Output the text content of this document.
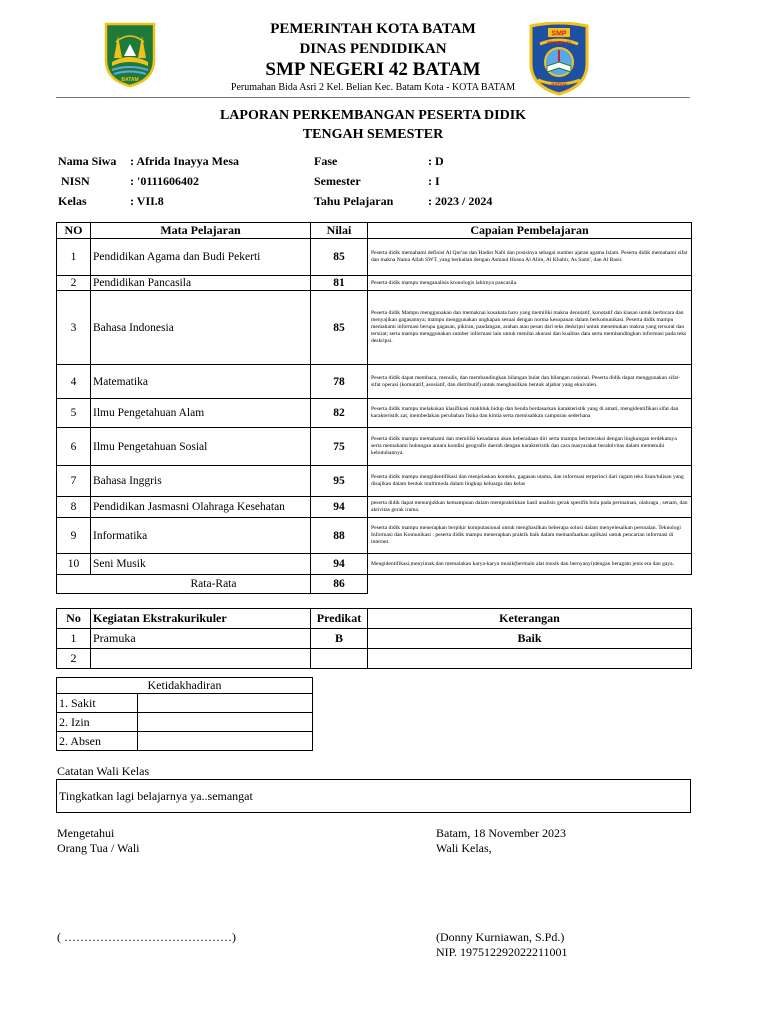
BATAM
PEMERINTAH KOTA BATAM
DINAS PENDIDIKAN
SMP NEGERI 42 BATAM
Perumahan Bida Asri 2 Kel. Belian Kec. Batam Kota - KOTA BATAM
SMP
NEGERI 42
BATAM
LAPORAN PERKEMBANGAN PESERTA DIDIK
TENGAH SEMESTER
Nama Siwa : Afrida Inayya Mesa
NISN	: '0111606402
Kelas	: VII.8
Fase	: D
Semester	: I
Tahu Pelajaran	: 2023 / 2024
NO	Mata Pelajaran	Nilai	Capaian Pembelajaran
1	Pendidikan Agama dan Budi Pekerti	85	Peserta didik memahami definisi Al Qur'an dan Hadist Nabi dan posisinya sebagai sumber ajaran agama Islam. Peserta didik memahami sifat dan makna Nama Allah SWT. yang berkaitan dengan Asmaul Husna Al Alim, Al Khabir, As Sami', dan Al Basir.
2	Pendidikan Pancasila	81	Peserta didik mampu menganalisis kronologis lahirnya pancasila.
3	Bahasa Indonesia	85	Peserta didik Mampu menggunakan dan memaknai kosakata baru yang memiliki makna denotatif, konotatif dan kiasan untuk berbicara dan menyajikan gagasannya; mampu menggunakan ungkapan sesuai dengan norma kesopanan dalam berkomunikasi. Peserta didik mampu memahami informasi berupa gagasan, pikiran, pandangan, arahan atau pesan dari teks deskripsi untuk menemukan makna yang tersurat dan tersirat; serta mampu menggunakan sumber informasi lain untuk menilai akurasi dan kualitas data serta membandingkan informasi pada teks deskripsi.
4	Matematika	78	Peserta didik dapat membaca, menulis, dan membandingkan bilangan bulat dan bilangan rasional. Peserta didik dapat menggunakan sifat-sifat operasi (komutatif, asosiatif, dan distributif) untuk menghasilkan bentuk aljabar yang ekuivalen.
5	Ilmu Pengetahuan Alam	82	Peserta didik mampu melakukan klasifikasi makhluk hidup dan benda berdasarkan karakteristik yang di amati, mengidentifikasi sifat dan karakteristik zat, membedakan perubahan fisika dan kimia serta memisahkan campuran sederhana
6	Ilmu Pengetahuan Sosial	75	Peserta didik mampu memahami dan memiliki kesadaran akan keberadaan diri serta mampu berinteraksi dengan lingkungan terdekatnya serta memahami hubungan antara kondisi geografis daerah dengan karakteristik dan cara masyarakat beraktivitas dalam memenuhi kebutuhannya.
7	Bahasa Inggris	95	Peserta didik mampu mengidentifikasi dan menjelaskan konteks, gagasan utama, dan informasi terperinci dari ragam teks lisan/tulisan yang disajikan dalam bentuk multimoda dalam lingkup keluarga dan kelas
8	Pendidikan Jasmasni Olahraga Kesehatan	94	peserta didik dapat menunjukkan kemampuan dalam mempraktikkan hasil analisis gerak spesifik bola pada permainan, olahraga , senam, dan aktivitas gerak irama.
9	Informatika	88	Peserta didik mampu menerapkan berpikir komputasional untuk menghasilkan beberapa solusi dalam menyelesaikan persoalan. Teknologi Informasi dan Komunikasi : peserta didik mampu menerapkan praktik baik dalam memanfaatkan aplikasi untuk pencarian informasi di internet.
10	Seni Musik	94	Mengidentifikasi,menyimak,dan memainkan karya-karya musik(bermain alat musik dan bernyanyi)dengan beragam jenis era dan gaya.
Rata-Rata		86	
No	Kegiatan Ekstrakurikuler	Predikat	Keterangan
1	Pramuka	B	Baik
2			
Ketidakhadiran	
1. Sakit	
2. Izin	
2. Absen	
Catatan Wali Kelas
Tingkatkan lagi belajarnya ya..semangat
Mengetahui
Orang Tua / Wali
( ……………………………………)
Batam, 18 November 2023
Wali Kelas,
(Donny Kurniawan, S.Pd.)
NIP. 197512292022211001
